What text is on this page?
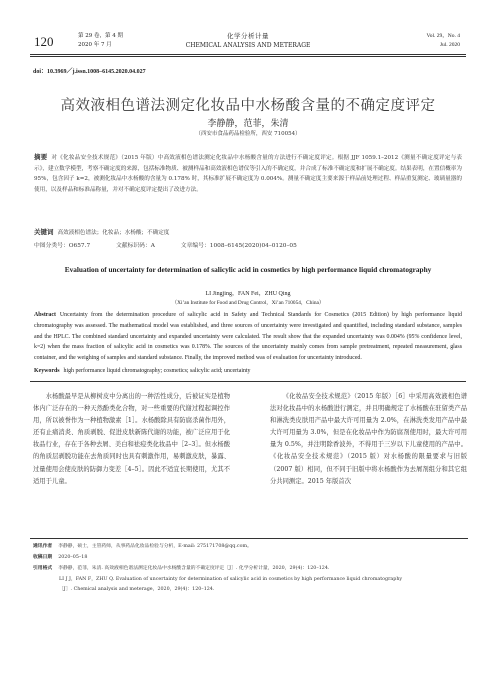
120	第 29 卷，第 4 期
2020 年 7 月
化学分析计量
CHEMICAL ANALYSIS AND METERAGE
Vol. 29，No. 4
Jul. 2020
doi：10.3969／j.issn.1008–6145.2020.04.027
高效液相色谱法测定化妆品中水杨酸含量的不确定度评定
李静静，范菲，朱清
（西安市食品药品检验所，西安 710054）
摘要 对《化妆品安全技术规范》（2015 年版）中高效液相色谱法测定化妆品中水杨酸含量的方法进行不确定度评定。根据 JJF 1059.1–2012《测量不确定度评定与表示》，建立数学模型，考察不确定度的来源，包括标准物质、被测样品和高效液相色谱仪等引入的不确定度，并合成了标准不确定度和扩展不确定度。结果表明，在置信概率为 95%，包含因子 k=2，被测化妆品中水杨酸的含量为 0.178% 时，其标准扩展不确定度为 0.004%。测量不确定度主要来源于样品前处理过程、样品重复测定、玻璃量器的使用，以及样品和标准品称量，并对不确定度评定提出了改进方法。
关键词 高效液相色谱法；化妆品；水杨酸；不确定度
中图分类号：O657.7	文献标识码：A	文章编号：1008–6145(2020)04–0120–05
Evaluation of uncertainty for determination of salicylic acid in cosmetics by high performance liquid chromatography
LI Jingjing，FAN Fei，ZHU Qing
（Xi’an Institute for Food and Drug Control，Xi’an 710054，China）
Abstract Uncertainty from the determination procedure of salicylic acid in Safety and Technical Standards for Cosmetics (2015 Edition) by high performance liquid chromatography was assessed. The mathematical model was established, and three sources of uncertainty were investigated and quantified, including standard substance, samples and the HPLC. The combined standard uncertainty and expanded uncertainty were calculated. The result show that the expanded uncertainty was 0.004% (95% confidence level, k=2) when the mass fraction of salicylic acid in cosmetics was 0.178%. The sources of the uncertainty mainly comes from sample pretreatment, repeated measurement, glass container, and the weighing of samples and standard substance. Finally, the improved method was of evaluation for uncertainty introduced.
Keywords high performance liquid chromatography; cosmetics; salicylic acid; uncertainty

水杨酸最早是从柳树皮中分离出的一种活性成分，后被证实是植物体内广泛存在的一种天然酚类化合物，对一些重要的代谢过程起调控作用，所以被誉作为一种植物激素［1］。水杨酸除具有防腐杀菌作用外，还有止痛消炎、角质剥脱、促进皮肤新陈代谢的功能，被广泛应用于化妆品行业，存在于各种去屑、美白和祛痘类化妆品中［2–3］。但水杨酸的角质层剥脱功能在去角质同时也具有刺激作用，易刺激皮肤，暴露、过量使用会使皮肤的防御力变差［4–5］。因此不适宜长期使用，尤其不适用于儿童。

《化妆品安全技术规范》（2015 年版）［6］中采用高效液相色谱法对化妆品中的水杨酸进行测定，并且明确规定了水杨酸在驻留类产品和淋洗类皮肤用产品中最大许可用量为 2.0%，在淋洗类发用产品中最大许可用量为 3.0%，但是在化妆品中作为防腐剂使用时，最大许可用量为 0.5%，并注明除香波外，不得用于三岁以下儿童使用的产品中。《化妆品安全技术规范》（2015 版）对水杨酸的限量要求与旧版（2007 版）相同，但不同于旧版中将水杨酸作为去屑剂组分和其它组分共同测定。2015 年版首次

通讯作者 李静静，硕士，主管药师，从事药品化妆品检验与分析，E-mail: 275171708@qq.com。
收稿日期 2020–05–18
引用格式 李静静，范菲，朱清. 高效液相色谱法测定化妆品中水杨酸含量的不确定度评定［J］. 化学分析计量，2020，29(4)：120–124.
LI J J，FAN F，ZHU Q. Evaluation of uncertainty for determination of salicylic acid in cosmetics by high performance liquid chromatography
［J］. Chemical analysis and meterage，2020，29(4)：120–124.
